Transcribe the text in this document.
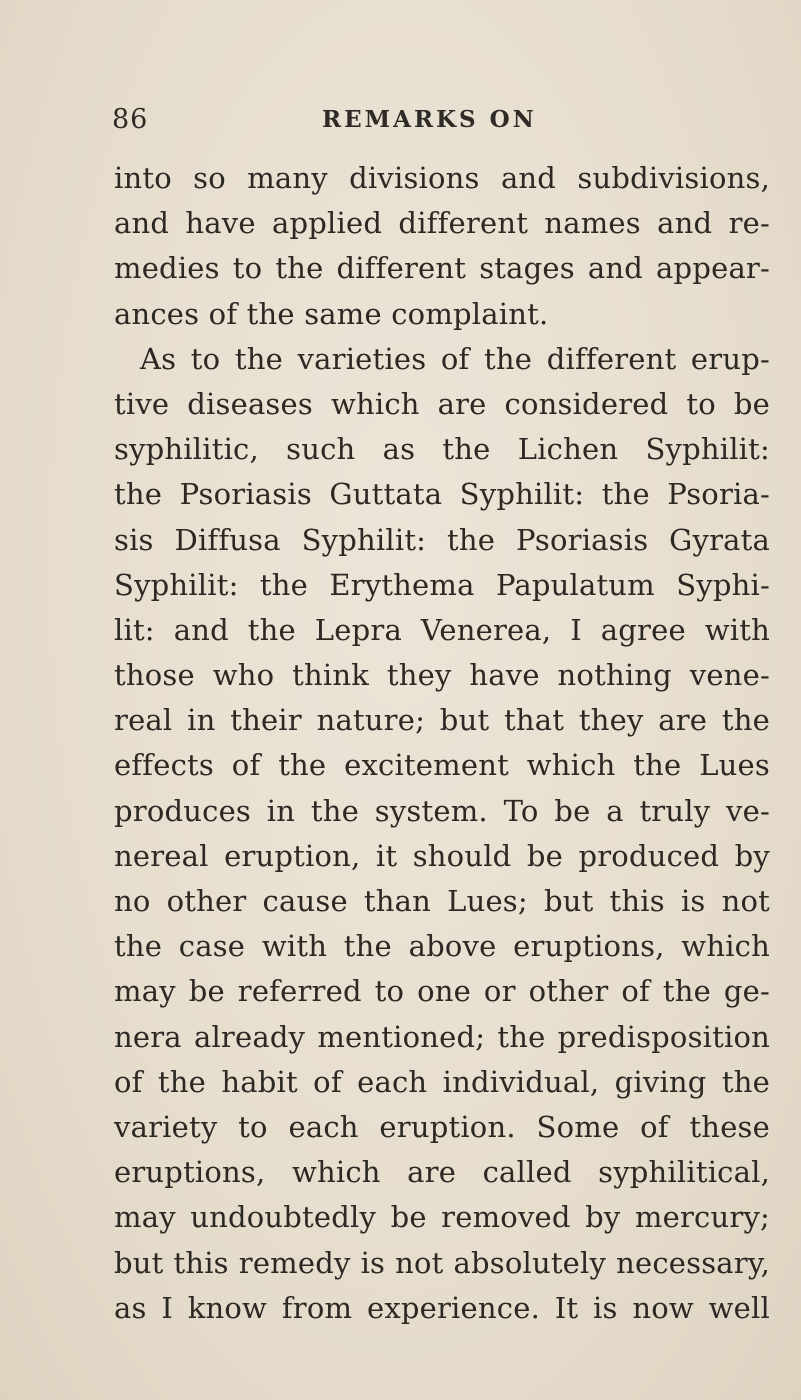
86	REMARKS ON
into so many divisions and subdivisions,
and have applied different names and re-
medies to the different stages and appear-
ances of the same complaint.
As to the varieties of the different erup-
tive diseases which are considered to be
syphilitic, such as the Lichen Syphilit:
the Psoriasis Guttata Syphilit: the Psoria-
sis Diffusa Syphilit: the Psoriasis Gyrata
Syphilit: the Erythema Papulatum Syphi-
lit: and the Lepra Venerea, I agree with
those who think they have nothing vene-
real in their nature; but that they are the
effects of the excitement which the Lues
produces in the system. To be a truly ve-
nereal eruption, it should be produced by
no other cause than Lues; but this is not
the case with the above eruptions, which
may be referred to one or other of the ge-
nera already mentioned; the predisposition
of the habit of each individual, giving the
variety to each eruption. Some of these
eruptions, which are called syphilitical,
may undoubtedly be removed by mercury;
but this remedy is not absolutely necessary,
as I know from experience. It is now well
